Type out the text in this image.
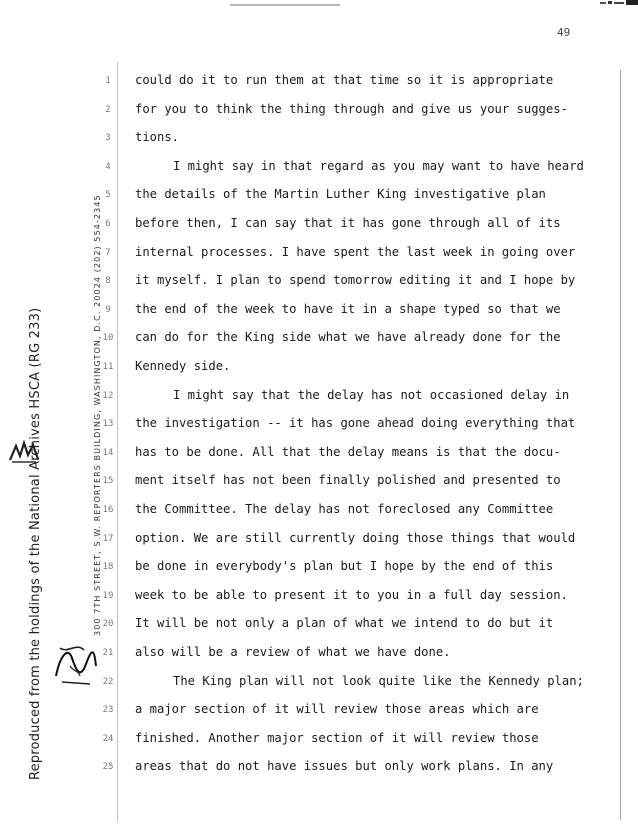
49
Reproduced from the holdings of the National Archives HSCA (RG 233)	300 7TH STREET, S.W. REPORTERS BUILDING, WASHINGTON, D.C. 20024 (202) 554-2345
1
2
3
4
5
6
7
8
9
10
11
12
13
14
15
16
17
18
19
20
21
22
23
24
25
could do it to run them at that time so it is appropriate
for you to think the thing through and give us your sugges-
tions.
I might say in that regard as you may want to have heard
the details of the Martin Luther King investigative plan
before then, I can say that it has gone through all of its
internal processes. I have spent the last week in going over
it myself. I plan to spend tomorrow editing it and I hope by
the end of the week to have it in a shape typed so that we
can do for the King side what we have already done for the
Kennedy side.
I might say that the delay has not occasioned delay in
the investigation -- it has gone ahead doing everything that
has to be done. All that the delay means is that the docu-
ment itself has not been finally polished and presented to
the Committee. The delay has not foreclosed any Committee
option. We are still currently doing those things that would
be done in everybody's plan but I hope by the end of this
week to be able to present it to you in a full day session.
It will be not only a plan of what we intend to do but it
also will be a review of what we have done.
The King plan will not look quite like the Kennedy plan;
a major section of it will review those areas which are
finished. Another major section of it will review those
areas that do not have issues but only work plans. In any
